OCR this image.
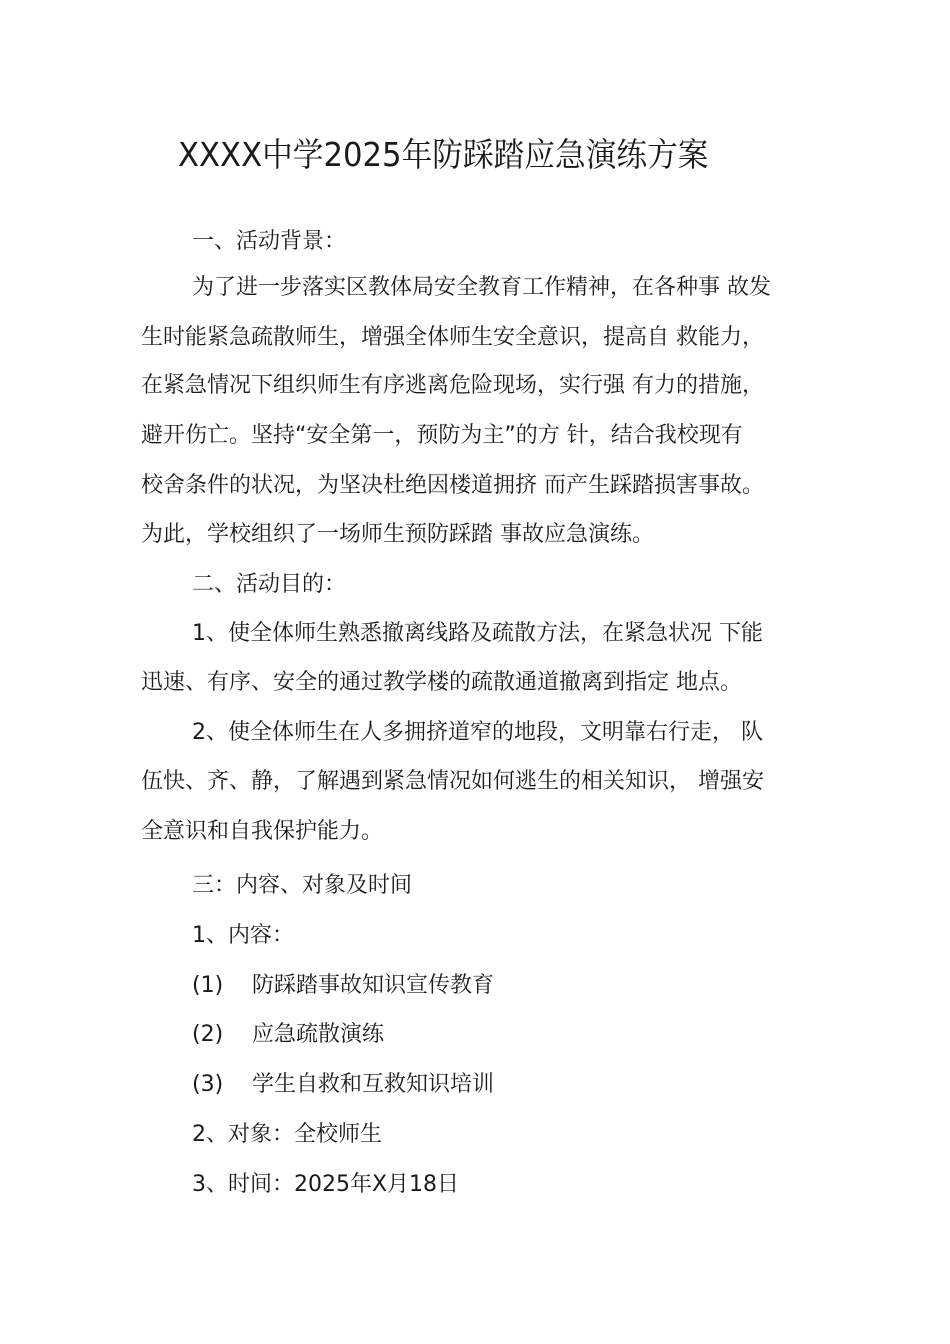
XXXX中学2025年防踩踏应急演练方案
一、活动背景：
为了进一步落实区教体局安全教育工作精神，在各种事 故发
生时能紧急疏散师生，增强全体师生安全意识，提高自 救能力，
在紧急情况下组织师生有序逃离危险现场，实行强 有力的措施，
避开伤亡。坚持“安全第一，预防为主”的方 针，结合我校现有
校舍条件的状况，为坚决杜绝因楼道拥挤 而产生踩踏损害事故。
为此，学校组织了一场师生预防踩踏 事故应急演练。
二、活动目的：
1、使全体师生熟悉撤离线路及疏散方法，在紧急状况 下能
迅速、有序、安全的通过教学楼的疏散通道撤离到指定 地点。
2、使全体师生在人多拥挤道窄的地段，文明靠右行走， 队
伍快、齐、静，了解遇到紧急情况如何逃生的相关知识， 增强安
全意识和自我保护能力。
三：内容、对象及时间
1、内容：
(1) 防踩踏事故知识宣传教育
(2) 应急疏散演练
(3) 学生自救和互救知识培训
2、对象：全校师生
3、时间：2025年X月18日
